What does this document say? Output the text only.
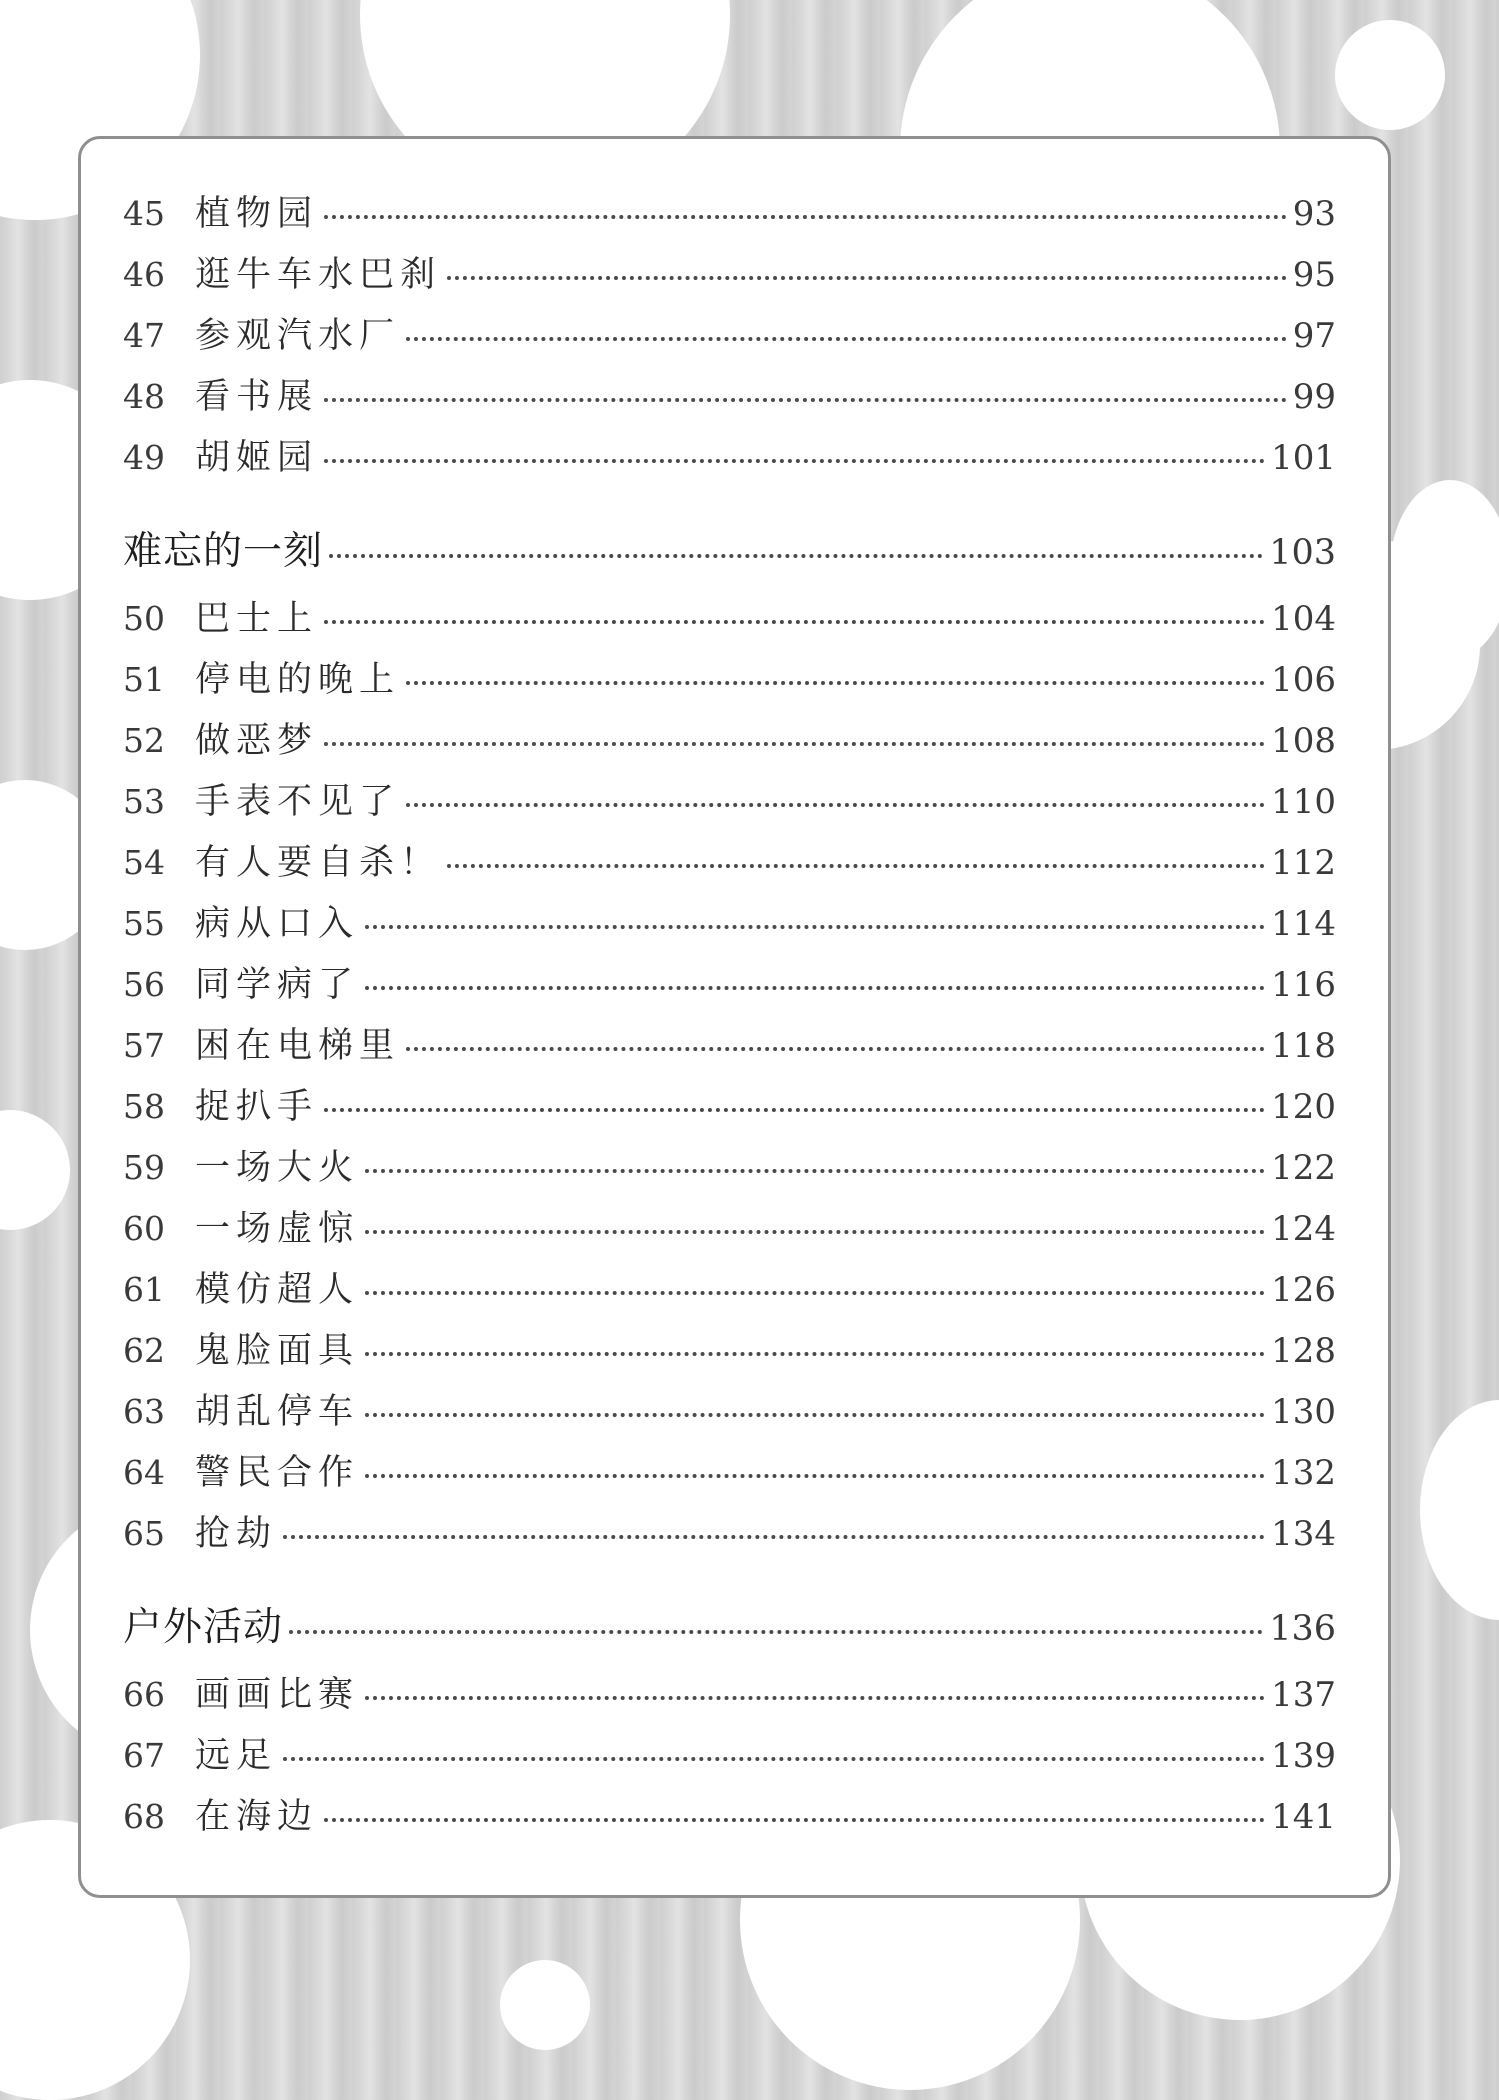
45 植物园	93
46 逛牛车水巴刹	95
47 参观汽水厂	97
48 看书展	99
49 胡姬园	101
难忘的一刻	103
50 巴士上	104
51 停电的晚上	106
52 做恶梦	108
53 手表不见了	110
54 有人要自杀！	112
55 病从口入	114
56 同学病了	116
57 困在电梯里	118
58 捉扒手	120
59 一场大火	122
60 一场虚惊	124
61 模仿超人	126
62 鬼脸面具	128
63 胡乱停车	130
64 警民合作	132
65 抢劫	134
户外活动	136
66 画画比赛	137
67 远足	139
68 在海边	141
